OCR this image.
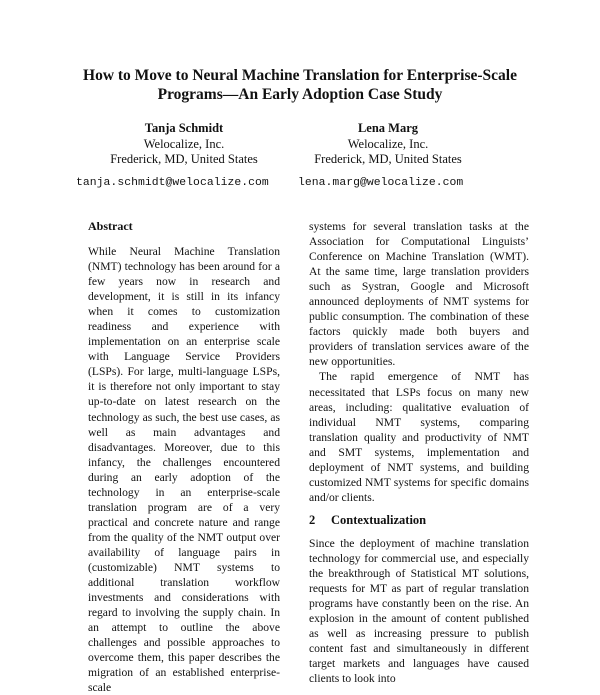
How to Move to Neural Machine Translation for Enterprise-Scale
Programs—An Early Adoption Case Study
Tanja Schmidt
Welocalize, Inc.
Frederick, MD, United States
Lena Marg
Welocalize, Inc.
Frederick, MD, United States
tanja.schmidt@welocalize.com	lena.marg@welocalize.com

Abstract

While Neural Machine Translation (NMT) technology has been around for a few years now in research and development, it is still in its infancy when it comes to customization readiness and experience with implementation on an enterprise scale with Language Service Providers (LSPs). For large, multi-language LSPs, it is therefore not only important to stay up-to-date on latest research on the technology as such, the best use cases, as well as main advantages and disadvantages. Moreover, due to this infancy, the challenges encountered during an early adoption of the technology in an enterprise-scale translation program are of a very practical and concrete nature and range from the quality of the NMT output over availability of language pairs in (customizable) NMT systems to additional translation workflow investments and considerations with regard to involving the supply chain. In an attempt to outline the above challenges and possible approaches to overcome them, this paper describes the migration of an established enterprise-scale

systems for several translation tasks at the Association for Computational Linguists’ Conference on Machine Translation (WMT). At the same time, large translation providers such as Systran, Google and Microsoft announced deployments of NMT systems for public consumption. The combination of these factors quickly made both buyers and providers of translation services aware of the new opportunities.

The rapid emergence of NMT has necessitated that LSPs focus on many new areas, including: qualitative evaluation of individual NMT systems, comparing translation quality and productivity of NMT and SMT systems, implementation and deployment of NMT systems, and building customized NMT systems for specific domains and/or clients.

2 Contextualization

Since the deployment of machine translation technology for commercial use, and especially the breakthrough of Statistical MT solutions, requests for MT as part of regular translation programs have constantly been on the rise. An explosion in the amount of content published as well as increasing pressure to publish content fast and simultaneously in different target markets and languages have caused clients to look into
